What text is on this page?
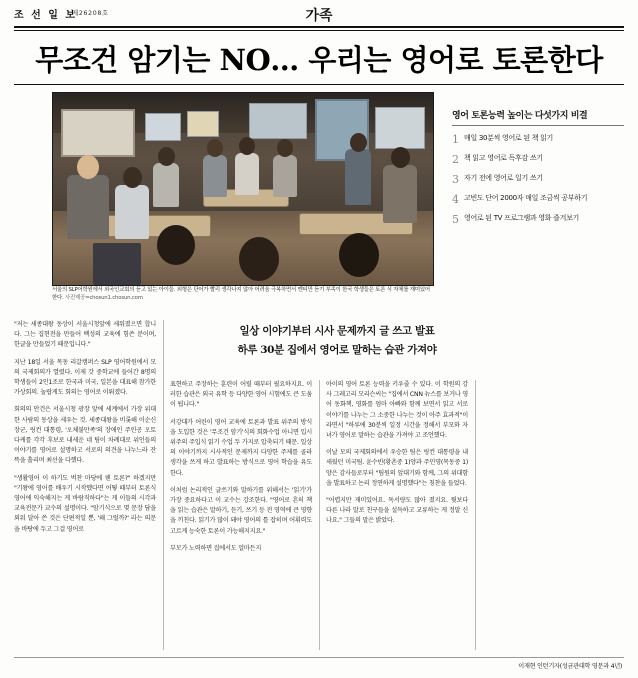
조 선 일 보
제26208호	가족
무조건 암기는 NO… 우리는 영어로 토론한다
서울의 SLP어학원에서 외국인교회의 듣고 있는 아이들. 외형은 단어가 빨리 생각나지 않아 어려움 극복하면서 멘티만 듣기 부족이 한국 학생들은 토론 식 자체를 재미있어 한다. 사진제공=chosun1.chosun.com
영어 토론능력 높이는 다섯가지 비결
1 매일 30분씩 영어로 된 책 읽기
2 책 읽고 영어로 독후감 쓰기
3 자기 전에 영어로 일기 쓰기
4 고빈도 단어 2000자 매일 조금씩 공부하기
5 영어로 된 TV 프로그램과 영화 즐겨보기
일상 이야기부터 시사 문제까지 글 쓰고 발표
하루 30분 집에서 영어로 말하는 습관 가져야

"저는 세종대왕 동상이 서울시청앞에 세워졌으면 합니다. 그는 집현전을 만들어 백성의 교육에 힘쓴 분이며, 한글을 만들었기 때문입니다."

지난 18일 서울 목동 리갈캠퍼스 SLP 영어학원에서 모의 국제회의가 열렸다. 이제 갓 중학교에 들어간 8명의 학생들이 2인1조로 한국과 미국, 일본을 대표해 참가한 가상회의. 놀랍게도 회의는 영어로 이뤄졌다.

회의의 안건은 서울시청 광장 앞에 세계에서 가장 위대한 사람의 동상을 세우는 것. 세종대왕을 비롯해 이순신 장군, 링컨 대통령, '오체불만족'의 장애인 주인공 오토다케를 각각 후보로 내세운 네 팀이 차례대로 위인들의 이야기를 영어로 설명하고 서로의 의견을 나누느라 잔뜩을 흘리며 최선을 다했다.

"생활영어 이 하기도 벅찬 마당에 웬 토론?" 하겠지만 "기왕에 영어를 배우기 시작했다면 어떻 때부터 토론식 영어에 익숙해지는 게 바람직하다"는 게 이들의 시각과 교육전문가 교수의 설명이다. "암기식으로 몇 문장 담을 외워 달아 쓴 것은 단편적일 뿐, '왜 그럴까?' 라는 의문을 바탕에 두고 그걸 영어로

표현하고 주장하는 훈련이 어릴 때부터 필요하지요. 이러한 습관은 외국 유학 등 다양한 영어 시험에도 큰 도움이 됩니다."

서강대가 어린이 영어 교육에 토론과 발표 위주의 방식을 도입한 것은 '무조건 암기'식의 회화수업 아니면 입시 위주의 주입식 읽기 수업 두 가지로 압축되기 때문. 일상의 이야기까지 시사적인 문제까지 다양한 주제를 골라 생각을 쓰게 하고 발표하는 방식으로 영어 학습을 유도한다.

이처럼 논리적인 글쓰기와 말하기를 위해서는 '읽기'가 가장 중요하다고 이 교수는 강조한다. "영어로 흔히 책을 읽는 습관은 말하기, 듣기, 쓰기 등 전 영역에 큰 영향을 끼친다. 읽기가 많이 돼야 영어의 틀 잡히며 어휘력도 고르게 능숙한 토론이 가능해지지요."

부모가 노력하면 집에서도 얼마든지

아이의 영어 토론 능력을 키우줄 수 있다. 이 학원의 강사 그레고리 모리슨씨는 "집에서 CNN 뉴스를 보거나 영어 동화책, 영화를 엄마 아빠와 함께 보면서 읽고 서로 이야기를 나누는 그 소중한 나누는 것이 아주 효과적"이라면서 "하루에 30분씩 일정 시간을 정해서 부모와 자녀가 영어로 말하는 습관을 가져야 고 조언했다.

이날 모의 국제회의에서 우승한 팀은 링컨 대통령을 내세웠던 미국팀. 윤수빈(황촌중 1)양과 주민영(목동중 1)양은 감사들로부터 "팀원의 앞대기와 함께, 그의 위대함을 발표하고 논리 정연하게 설명했다"는 칭찬을 들었다.

"어렵지만 재미있어요. 독서량도 많아 졌지요. 뭣보다 다른 나라 말로 친구들을 설득하고 교류하는 게 정말 신나요." 그들의 말은 밝았다.

이재현 인턴기자(성균관대학 영문과 4년)
